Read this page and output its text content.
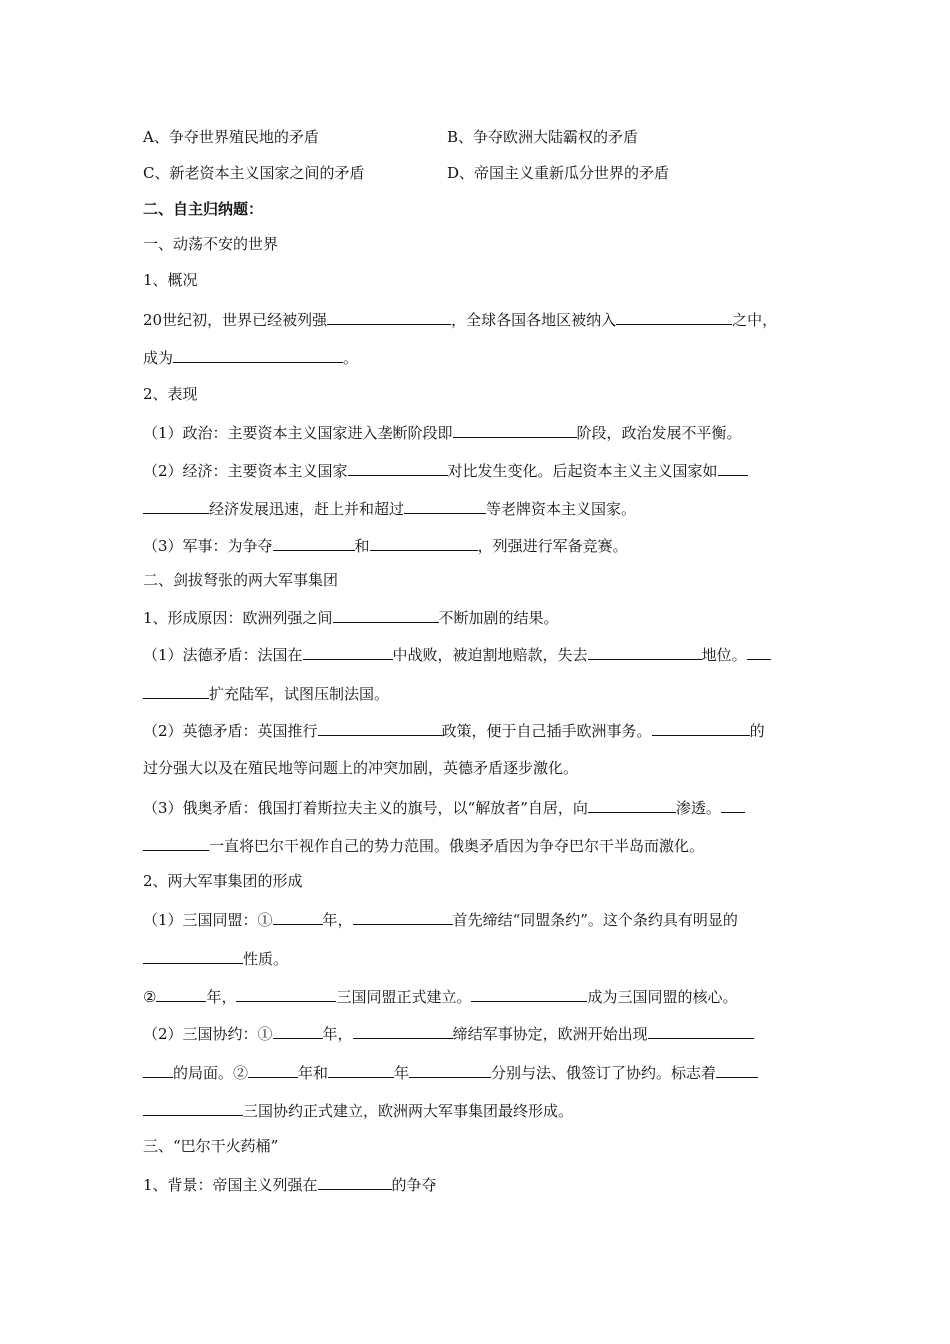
A、争夺世界殖民地的矛盾	B、争夺欧洲大陆霸权的矛盾
C、新老资本主义国家之间的矛盾	D、帝国主义重新瓜分世界的矛盾
二、自主归纳题：
一、动荡不安的世界
1、概况
20世纪初，世界已经被列强	，全球各国各地区被纳入	之中，
成为	。
2、表现
（1）政治：主要资本主义国家进入垄断阶段即	阶段，政治发展不平衡。
（2）经济：主要资本主义国家	对比发生变化。后起资本主义主义国家如
经济发展迅速，赶上并和超过	等老牌资本主义国家。
（3）军事：为争夺	和	，列强进行军备竞赛。
二、剑拔弩张的两大军事集团
1、形成原因：欧洲列强之间	不断加剧的结果。
（1）法德矛盾：法国在	中战败，被迫割地赔款，失去	地位。
扩充陆军，试图压制法国。
（2）英德矛盾：英国推行	政策，便于自己插手欧洲事务。	的
过分强大以及在殖民地等问题上的冲突加剧，英德矛盾逐步激化。
（3）俄奥矛盾：俄国打着斯拉夫主义的旗号，以“解放者”自居，向	渗透。
一直将巴尔干视作自己的势力范围。俄奥矛盾因为争夺巴尔干半岛而激化。
2、两大军事集团的形成
（1）三国同盟：①	年，	首先缔结“同盟条约”。这个条约具有明显的
性质。
②	年，	三国同盟正式建立。	成为三国同盟的核心。
（2）三国协约：①	年，	缔结军事协定，欧洲开始出现
的局面。②	年和	年	分别与法、俄签订了协约。标志着
三国协约正式建立，欧洲两大军事集团最终形成。
三、“巴尔干火药桶”
1、背景：帝国主义列强在	的争夺
